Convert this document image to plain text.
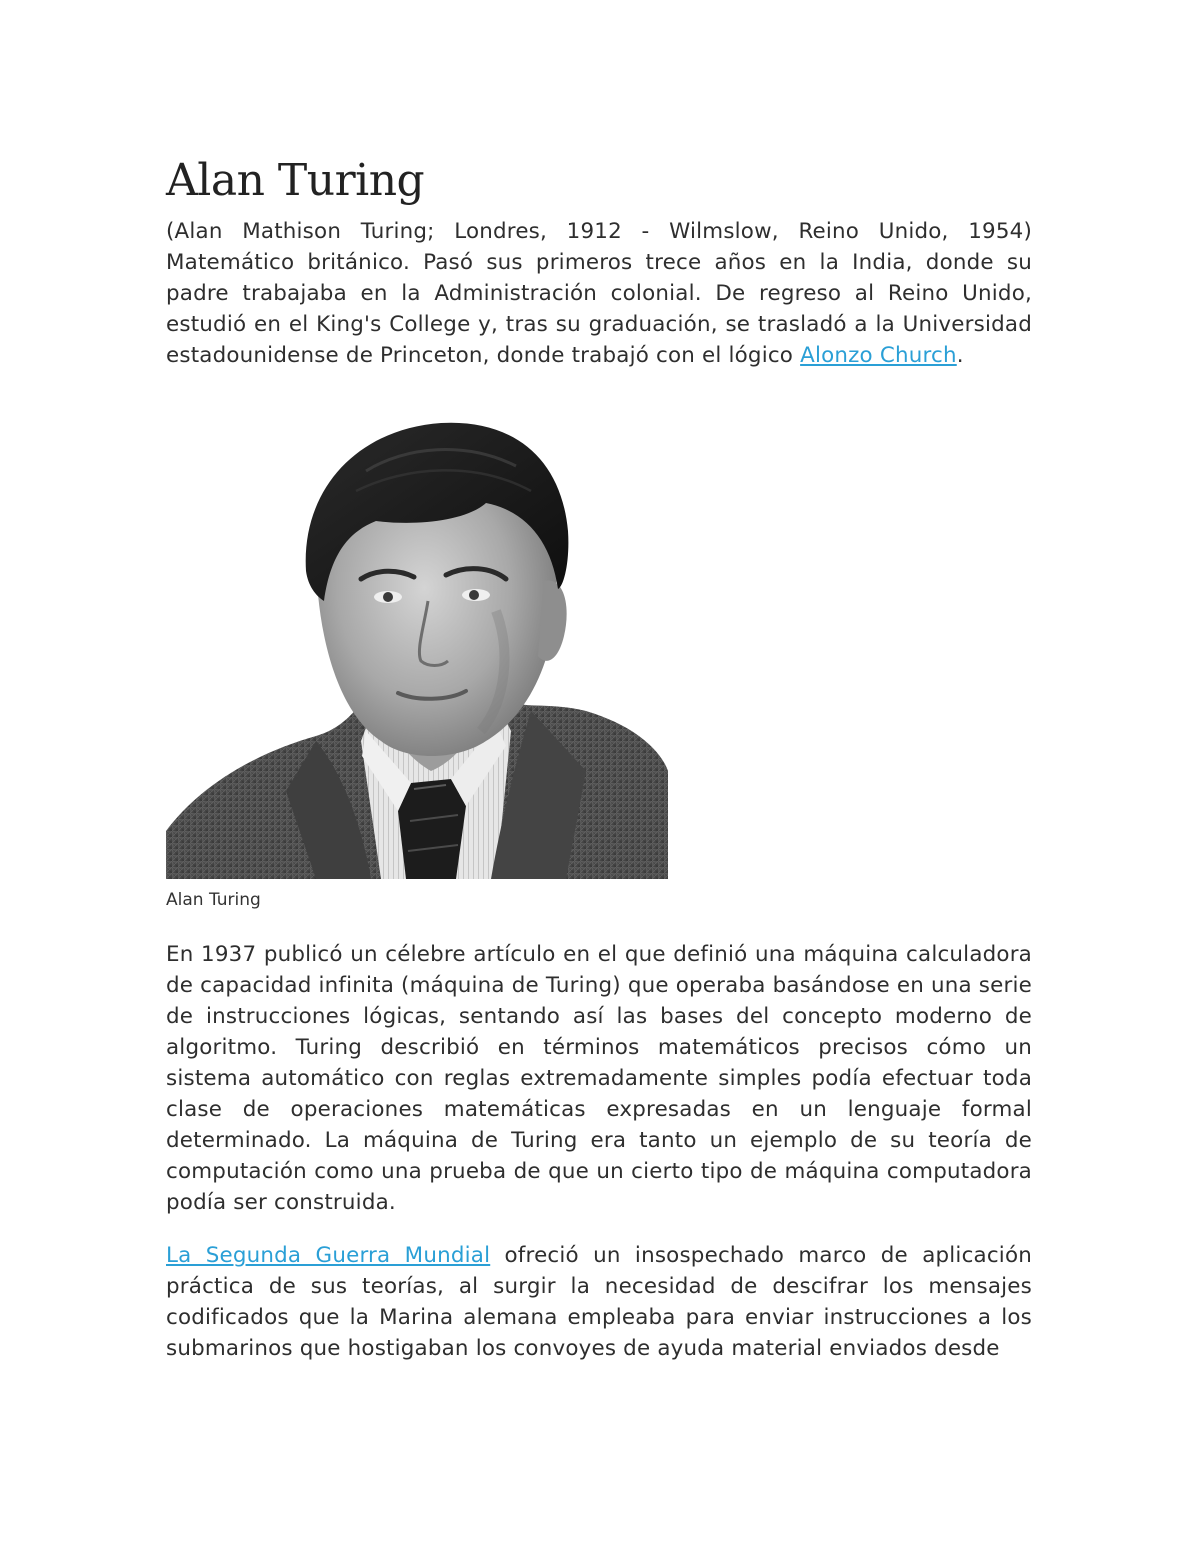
Alan Turing

(Alan Mathison Turing; Londres, 1912 - Wilmslow, Reino Unido, 1954) Matemático británico. Pasó sus primeros trece años en la India, donde su padre trabajaba en la Administración colonial. De regreso al Reino Unido, estudió en el King's College y, tras su graduación, se trasladó a la Universidad estadounidense de Princeton, donde trabajó con el lógico Alonzo Church.

Alan Turing

En 1937 publicó un célebre artículo en el que definió una máquina calculadora de capacidad infinita (máquina de Turing) que operaba basándose en una serie de instrucciones lógicas, sentando así las bases del concepto moderno de algoritmo. Turing describió en términos matemáticos precisos cómo un sistema automático con reglas extremadamente simples podía efectuar toda clase de operaciones matemáticas expresadas en un lenguaje formal determinado. La máquina de Turing era tanto un ejemplo de su teoría de computación como una prueba de que un cierto tipo de máquina computadora podía ser construida.

La Segunda Guerra Mundial ofreció un insospechado marco de aplicación práctica de sus teorías, al surgir la necesidad de descifrar los mensajes codificados que la Marina alemana empleaba para enviar instrucciones a los submarinos que hostigaban los convoyes de ayuda material enviados desde
